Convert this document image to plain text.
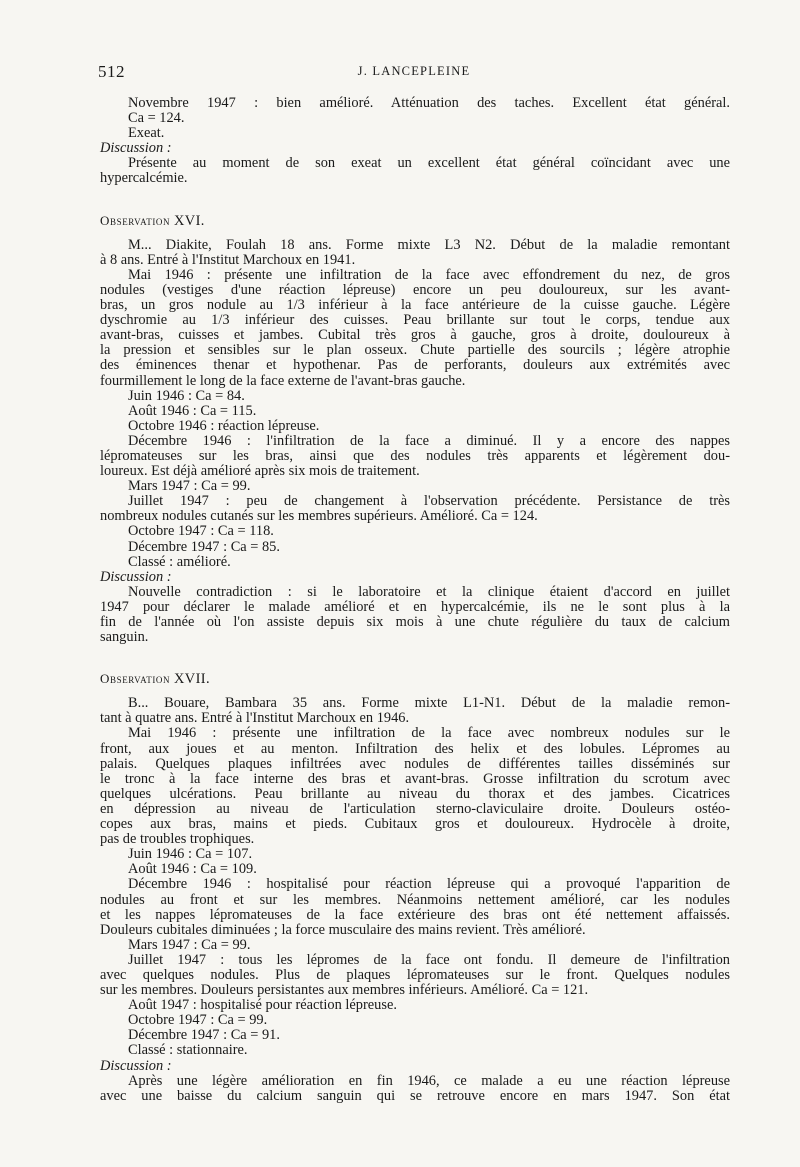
512	J. LANCEPLEINE
Novembre 1947 : bien amélioré. Atténuation des taches. Excellent état général.
Ca = 124.
Exeat.
Discussion :
Présente au moment de son exeat un excellent état général coïncidant avec une
hypercalcémie.
Observation XVI.
M... Diakite, Foulah 18 ans. Forme mixte L3 N2. Début de la maladie remontant
à 8 ans. Entré à l'Institut Marchoux en 1941.
Mai 1946 : présente une infiltration de la face avec effondrement du nez, de gros
nodules (vestiges d'une réaction lépreuse) encore un peu douloureux, sur les avant-
bras, un gros nodule au 1/3 inférieur à la face antérieure de la cuisse gauche. Légère
dyschromie au 1/3 inférieur des cuisses. Peau brillante sur tout le corps, tendue aux
avant-bras, cuisses et jambes. Cubital très gros à gauche, gros à droite, douloureux à
la pression et sensibles sur le plan osseux. Chute partielle des sourcils ; légère atrophie
des éminences thenar et hypothenar. Pas de perforants, douleurs aux extrémités avec
fourmillement le long de la face externe de l'avant-bras gauche.
Juin 1946 : Ca = 84.
Août 1946 : Ca = 115.
Octobre 1946 : réaction lépreuse.
Décembre 1946 : l'infiltration de la face a diminué. Il y a encore des nappes
lépromateuses sur les bras, ainsi que des nodules très apparents et légèrement dou-
loureux. Est déjà amélioré après six mois de traitement.
Mars 1947 : Ca = 99.
Juillet 1947 : peu de changement à l'observation précédente. Persistance de très
nombreux nodules cutanés sur les membres supérieurs. Amélioré. Ca = 124.
Octobre 1947 : Ca = 118.
Décembre 1947 : Ca = 85.
Classé : amélioré.
Discussion :
Nouvelle contradiction : si le laboratoire et la clinique étaient d'accord en juillet
1947 pour déclarer le malade amélioré et en hypercalcémie, ils ne le sont plus à la
fin de l'année où l'on assiste depuis six mois à une chute régulière du taux de calcium
sanguin.
Observation XVII.
B... Bouare, Bambara 35 ans. Forme mixte L1-N1. Début de la maladie remon-
tant à quatre ans. Entré à l'Institut Marchoux en 1946.
Mai 1946 : présente une infiltration de la face avec nombreux nodules sur le
front, aux joues et au menton. Infiltration des helix et des lobules. Lépromes au
palais. Quelques plaques infiltrées avec nodules de différentes tailles disséminés sur
le tronc à la face interne des bras et avant-bras. Grosse infiltration du scrotum avec
quelques ulcérations. Peau brillante au niveau du thorax et des jambes. Cicatrices
en dépression au niveau de l'articulation sterno-claviculaire droite. Douleurs ostéo-
copes aux bras, mains et pieds. Cubitaux gros et douloureux. Hydrocèle à droite,
pas de troubles trophiques.
Juin 1946 : Ca = 107.
Août 1946 : Ca = 109.
Décembre 1946 : hospitalisé pour réaction lépreuse qui a provoqué l'apparition de
nodules au front et sur les membres. Néanmoins nettement amélioré, car les nodules
et les nappes lépromateuses de la face extérieure des bras ont été nettement affaissés.
Douleurs cubitales diminuées ; la force musculaire des mains revient. Très amélioré.
Mars 1947 : Ca = 99.
Juillet 1947 : tous les lépromes de la face ont fondu. Il demeure de l'infiltration
avec quelques nodules. Plus de plaques lépromateuses sur le front. Quelques nodules
sur les membres. Douleurs persistantes aux membres inférieurs. Amélioré. Ca = 121.
Août 1947 : hospitalisé pour réaction lépreuse.
Octobre 1947 : Ca = 99.
Décembre 1947 : Ca = 91.
Classé : stationnaire.
Discussion :
Après une légère amélioration en fin 1946, ce malade a eu une réaction lépreuse
avec une baisse du calcium sanguin qui se retrouve encore en mars 1947. Son état
